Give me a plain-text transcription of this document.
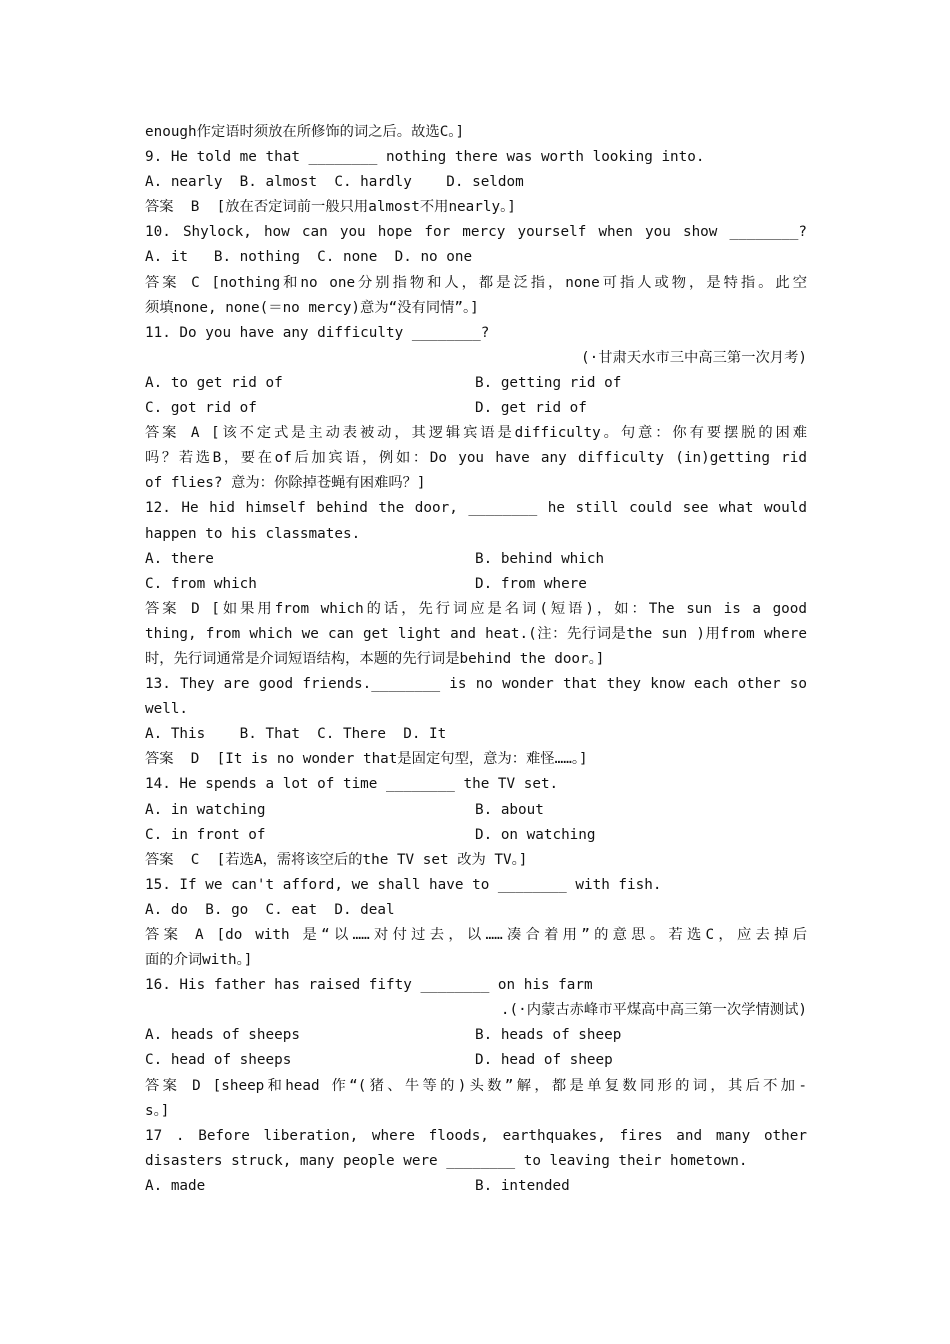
enough作定语时须放在所修饰的词之后。故选C。]
9. He told me that ________ nothing there was worth looking into.
A. nearly  B. almost  C. hardly    D. seldom
答案  B  [放在否定词前一般只用almost不用nearly。]
10. Shylock, how can you hope for mercy yourself when you show ________?
A. it   B. nothing  C. none  D. no one
答案 C [nothing和no one分别指物和人，都是泛指，none可指人或物，是特指。此空
须填none, none(＝no mercy)意为“没有同情”。]
11. Do you have any difficulty ________?
(·甘肃天水市三中高三第一次月考)
A. to get rid of	B. getting rid of
C. got rid of	D. get rid of
答案 A [该不定式是主动表被动，其逻辑宾语是difficulty。句意：你有要摆脱的困难
吗？若选B，要在of后加宾语，例如：Do you have any difficulty (in)getting rid
of flies? 意为：你除掉苍蝇有困难吗？]
12. He hid himself behind the door, ________ he still could see what would
happen to his classmates.
A. there	B. behind which
C. from which	D. from where
答案 D [如果用from which的话，先行词应是名词(短语)，如：The sun is a good
thing, from which we can get light and heat.(注：先行词是the sun )用from where
时，先行词通常是介词短语结构，本题的先行词是behind the door。]
13. They are good friends.________ is no wonder that they know each other so
well.
A. This    B. That  C. There  D. It
答案  D  [It is no wonder that是固定句型，意为：难怪……。]
14. He spends a lot of time ________ the TV set.
A. in watching	B. about
C. in front of	D. on watching
答案  C  [若选A，需将该空后的the TV set 改为 TV。]
15. If we can't afford, we shall have to ________ with fish.
A. do  B. go  C. eat  D. deal
答案 A [do with 是“以……对付过去，以……凑合着用”的意思。若选C，应去掉后
面的介词with。]
16. His father has raised fifty ________ on his farm
.(·内蒙古赤峰市平煤高中高三第一次学情测试)
A. heads of sheeps	B. heads of sheep
C. head of sheeps	D. head of sheep
答案 D [sheep和head 作“(猪、牛等的)头数”解，都是单复数同形的词，其后不加-
s。]
17 . Before liberation, where floods, earthquakes, fires and many other
disasters struck, many people were ________ to leaving their hometown.
A. made	B. intended
